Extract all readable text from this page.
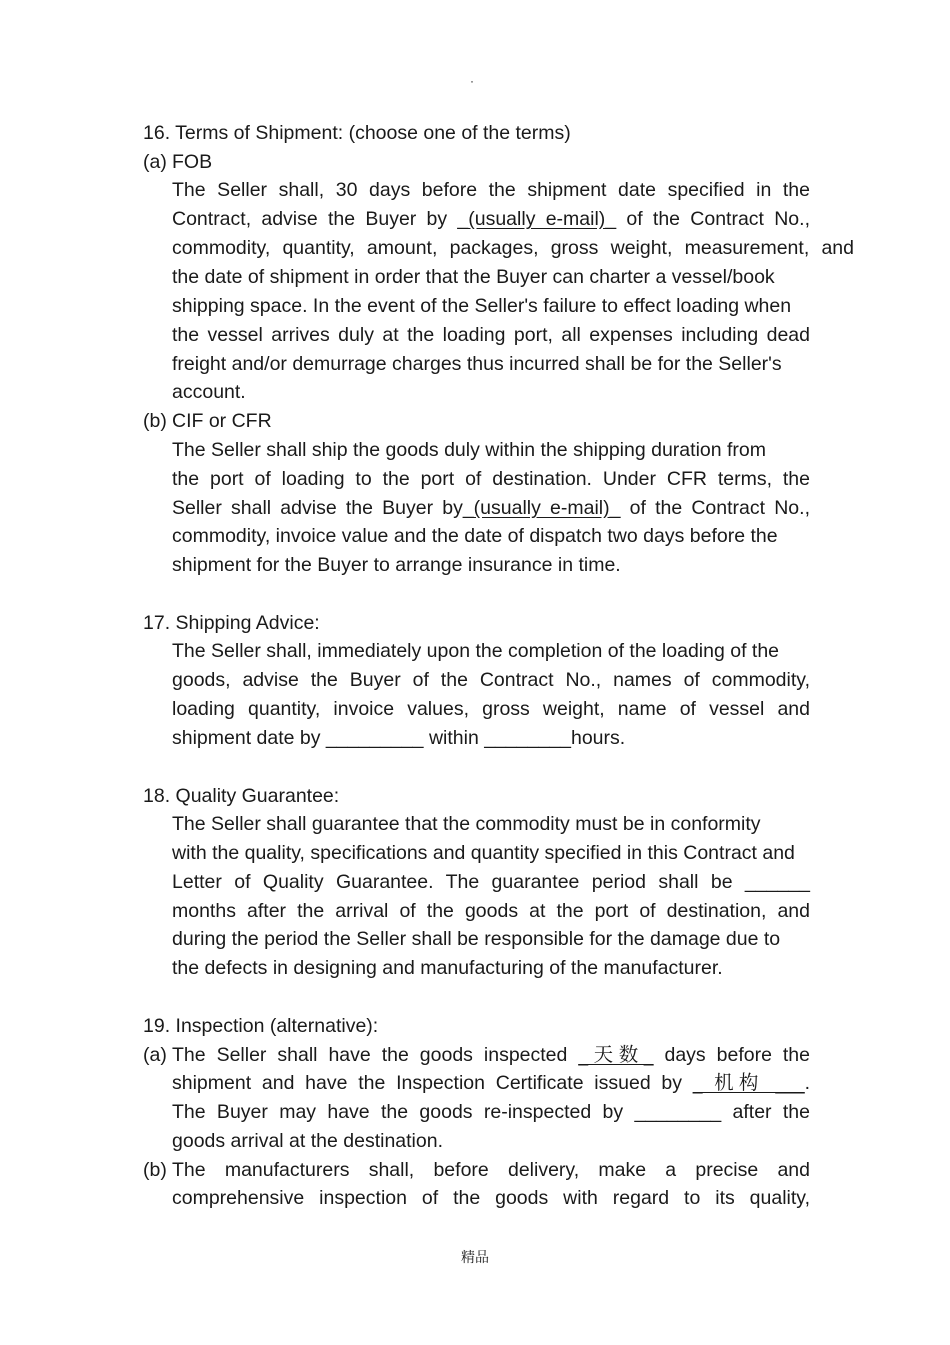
·
16. Terms of Shipment: (choose one of the terms)
(a) FOB
The Seller shall, 30 days before the shipment date specified in the
Contract, advise the Buyer by _(usually e-mail)_ of the Contract No.,
commodity, quantity, amount, packages, gross weight, measurement, and
the date of shipment in order that the Buyer can charter a vessel/book
shipping space. In the event of the Seller's failure to effect loading when
the vessel arrives duly at the loading port, all expenses including dead
freight and/or demurrage charges thus incurred shall be for the Seller's
account.
(b) CIF or CFR
The Seller shall ship the goods duly within the shipping duration from
the port of loading to the port of destination. Under CFR terms, the
Seller shall advise the Buyer by_(usually e-mail)_ of the Contract No.,
commodity, invoice value and the date of dispatch two days before the
shipment for the Buyer to arrange insurance in time.
17. Shipping Advice:
The Seller shall, immediately upon the completion of the loading of the
goods, advise the Buyer of the Contract No., names of commodity,
loading quantity, invoice values, gross weight, name of vessel and
shipment date by _________ within ________hours.
18. Quality Guarantee:
The Seller shall guarantee that the commodity must be in conformity
with the quality, specifications and quantity specified in this Contract and
Letter of Quality Guarantee. The guarantee period shall be ______
months after the arrival of the goods at the port of destination, and
during the period the Seller shall be responsible for the damage due to
the defects in designing and manufacturing of the manufacturer.
19. Inspection (alternative):
(a) The Seller shall have the goods inspected _天数_ days before the
shipment and have the Inspection Certificate issued by _ 机构 ___.
The Buyer may have the goods re-inspected by ________ after the
goods arrival at the destination.
(b) The manufacturers shall, before delivery, make a precise and
comprehensive inspection of the goods with regard to its quality,
精品
